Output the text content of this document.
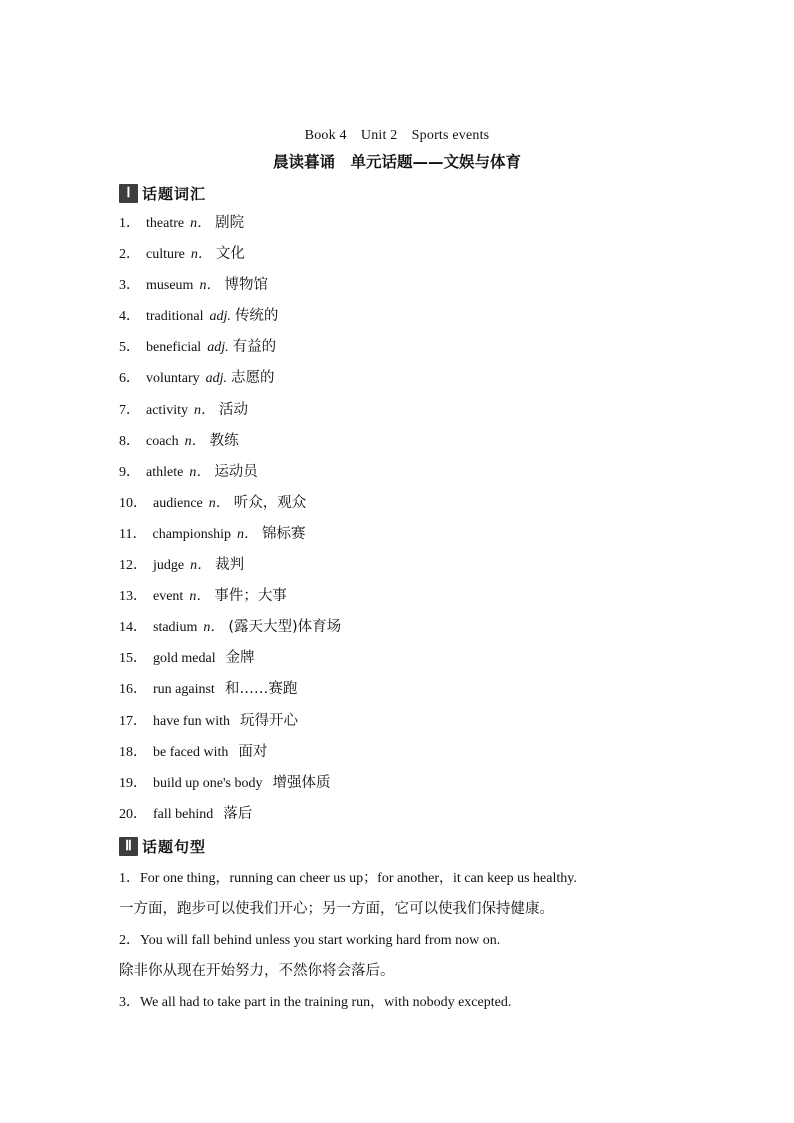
Book 4　Unit 2　Sports events
晨读暮诵　单元话题——文娱与体育
Ⅰ 话题词汇
1． theatre n． 剧院
2． culture n． 文化
3． museum n． 博物馆
4． traditional adj. 传统的
5． beneficial adj. 有益的
6． voluntary adj. 志愿的
7． activity n． 活动
8． coach n． 教练
9． athlete n． 运动员
10． audience n． 听众，观众
11． championship n． 锦标赛
12． judge n． 裁判
13． event n． 事件；大事
14． stadium n． (露天大型)体育场
15． gold medal 金牌
16． run against 和……赛跑
17． have fun with 玩得开心
18． be faced with 面对
19． build up one's body 增强体质
20． fall behind 落后
Ⅱ 话题句型
1．For one thing，running can cheer us up；for another，it can keep us healthy.
一方面，跑步可以使我们开心；另一方面，它可以使我们保持健康。
2．You will fall behind unless you start working hard from now on.
除非你从现在开始努力，不然你将会落后。
3．We all had to take part in the training run，with nobody excepted.
